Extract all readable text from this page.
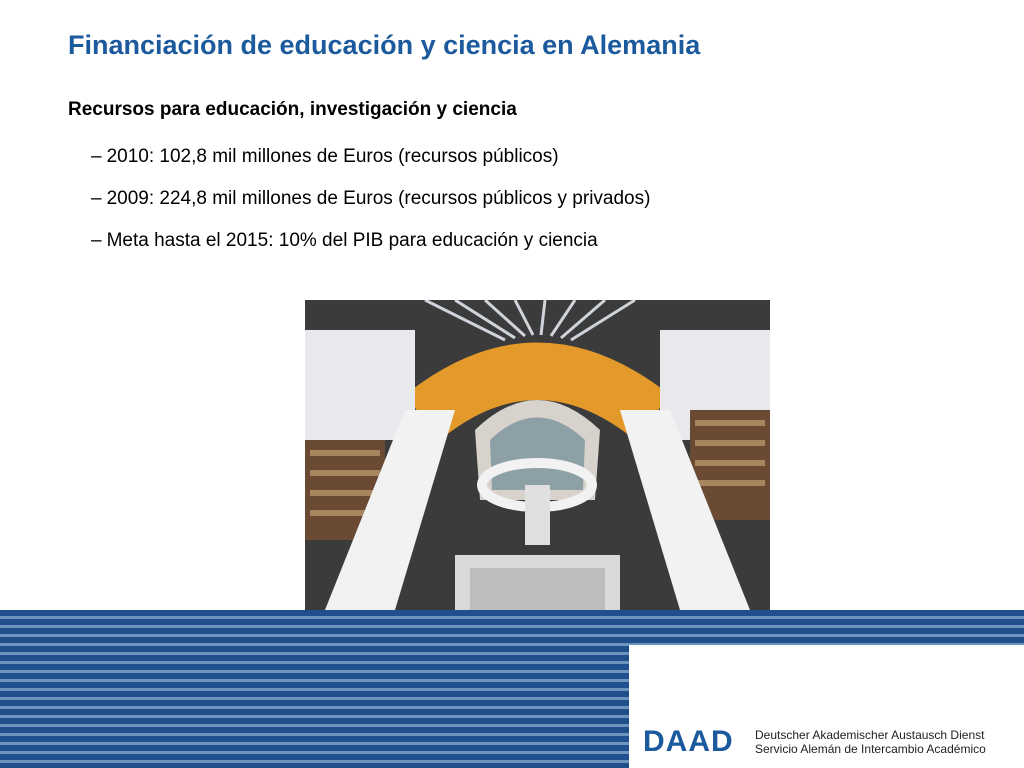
Financiación de educación y ciencia en Alemania
Recursos para educación, investigación y ciencia
– 2010: 102,8 mil millones de Euros (recursos públicos)
– 2009: 224,8 mil millones de Euros (recursos públicos y privados)
– Meta hasta el 2015: 10% del PIB para educación y ciencia
DAAD Deutscher Akademischer Austausch Dienst
Servicio Alemán de Intercambio Académico
